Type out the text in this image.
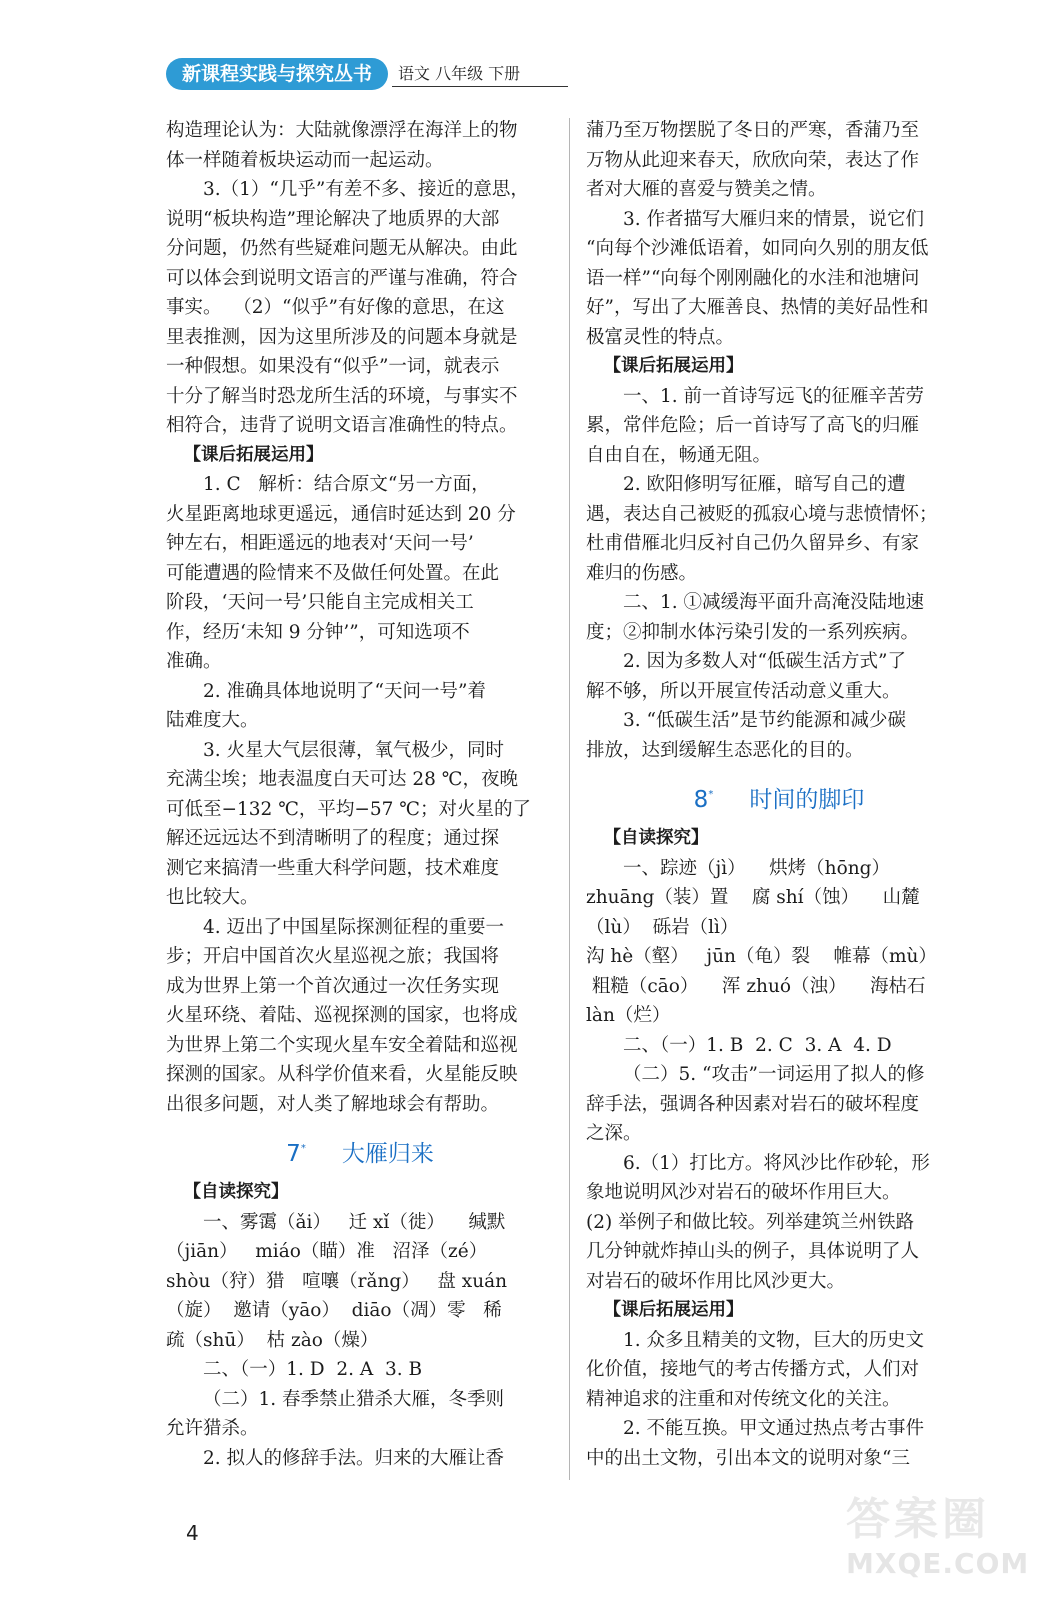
新课程实践与探究丛书	语文 八年级 下册

构造理论认为：大陆就像漂浮在海洋上的物
体一样随着板块运动而一起运动。

3.（1）“几乎”有差不多、接近的意思，
说明“板块构造”理论解决了地质界的大部
分问题，仍然有些疑难问题无从解决。由此
可以体会到说明文语言的严谨与准确，符合
事实。  （2）“似乎”有好像的意思，在这
里表推测，因为这里所涉及的问题本身就是
一种假想。如果没有“似乎”一词，就表示
十分了解当时恐龙所生活的环境，与事实不
相符合，违背了说明文语言准确性的特点。

【课后拓展运用】

1. C   解析：结合原文“另一方面，
火星距离地球更遥远，通信时延达到 20 分
钟左右，相距遥远的地表对‘天问一号’
可能遭遇的险情来不及做任何处置。在此
阶段，‘天问一号’只能自主完成相关工
作，经历‘未知 9 分钟’”，可知选项不
准确。

2. 准确具体地说明了“天问一号”着
陆难度大。

3. 火星大气层很薄，氧气极少，同时
充满尘埃；地表温度白天可达 28 ℃，夜晚
可低至−132 ℃，平均−57 ℃；对火星的了
解还远远达不到清晰明了的程度；通过探
测它来搞清一些重大科学问题，技术难度
也比较大。

4. 迈出了中国星际探测征程的重要一
步；开启中国首次火星巡视之旅；我国将
成为世界上第一个首次通过一次任务实现
火星环绕、着陆、巡视探测的国家，也将成
为世界上第二个实现火星车安全着陆和巡视
探测的国家。从科学价值来看，火星能反映
出很多问题，对人类了解地球会有帮助。

7* 大雁归来

【自读探究】

一、雾霭（ǎi）   迁 xǐ（徙）    缄默
（jiān）   miáo（瞄）准   沼泽（zé）
shòu（狩）猎   喧嚷（rǎng）   盘 xuán
（旋）  邀请（yāo）  diāo（凋）零   稀
疏（shū）  枯 zào（燥）

二、（一）1. D  2. A  3. B

（二）1. 春季禁止猎杀大雁，冬季则
允许猎杀。

2. 拟人的修辞手法。归来的大雁让香

蒲乃至万物摆脱了冬日的严寒，香蒲乃至
万物从此迎来春天，欣欣向荣，表达了作
者对大雁的喜爱与赞美之情。

3. 作者描写大雁归来的情景，说它们
“向每个沙滩低语着，如同向久别的朋友低
语一样”“向每个刚刚融化的水洼和池塘问
好”，写出了大雁善良、热情的美好品性和
极富灵性的特点。

【课后拓展运用】

一、1. 前一首诗写远飞的征雁辛苦劳
累，常伴危险；后一首诗写了高飞的归雁
自由自在，畅通无阻。

2. 欧阳修明写征雁，暗写自己的遭
遇，表达自己被贬的孤寂心境与悲愤情怀；
杜甫借雁北归反衬自己仍久留异乡、有家
难归的伤感。

二、1. ①减缓海平面升高淹没陆地速
度；②抑制水体污染引发的一系列疾病。

2. 因为多数人对“低碳生活方式”了
解不够，所以开展宣传活动意义重大。

3. “低碳生活”是节约能源和减少碳
排放，达到缓解生态恶化的目的。

8* 时间的脚印

【自读探究】

一、踪迹（jì）    烘烤（hōng）
zhuāng（装）置    腐 shí（蚀）    山麓
（lù）  砾岩（lì）
沟 hè（壑）   jūn（龟）裂    帷幕（mù）
粗糙（cāo）    浑 zhuó（浊）    海枯石
làn（烂）

二、（一）1. B  2. C  3. A  4. D

（二）5. “攻击”一词运用了拟人的修
辞手法，强调各种因素对岩石的破坏程度
之深。

6.（1）打比方。将风沙比作砂轮，形
象地说明风沙对岩石的破坏作用巨大。

(2) 举例子和做比较。列举建筑兰州铁路
几分钟就炸掉山头的例子，具体说明了人
对岩石的破坏作用比风沙更大。

【课后拓展运用】

1. 众多且精美的文物，巨大的历史文
化价值，接地气的考古传播方式，人们对
精神追求的注重和对传统文化的关注。

2. 不能互换。甲文通过热点考古事件
中的出土文物，引出本文的说明对象“三

4	答案圈
MXQE.COM
